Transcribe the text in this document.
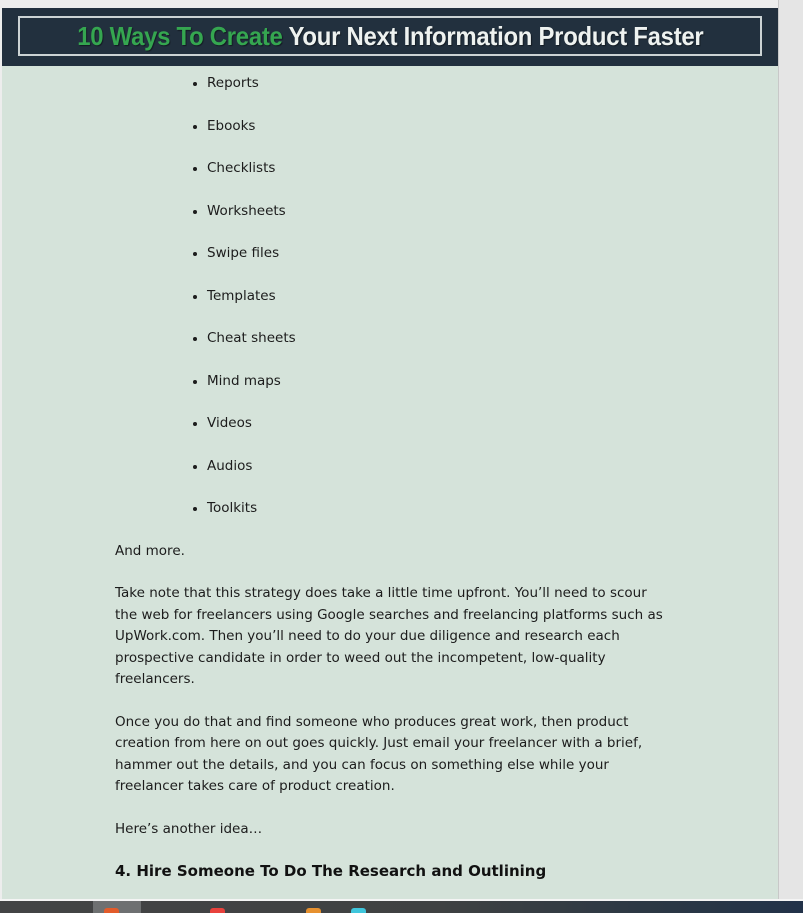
10 Ways To Create Your Next Information Product Faster
• Reports
• Ebooks
• Checklists
• Worksheets
• Swipe files
• Templates
• Cheat sheets
• Mind maps
• Videos
• Audios
• Toolkits

And more.

Take note that this strategy does take a little time upfront. You’ll need to scour the web for freelancers using Google searches and freelancing platforms such as UpWork.com. Then you’ll need to do your due diligence and research each prospective candidate in order to weed out the incompetent, low-quality freelancers.

Once you do that and find someone who produces great work, then product creation from here on out goes quickly. Just email your freelancer with a brief, hammer out the details, and you can focus on something else while your freelancer takes care of product creation.

Here’s another idea…

4. Hire Someone To Do The Research and Outlining
